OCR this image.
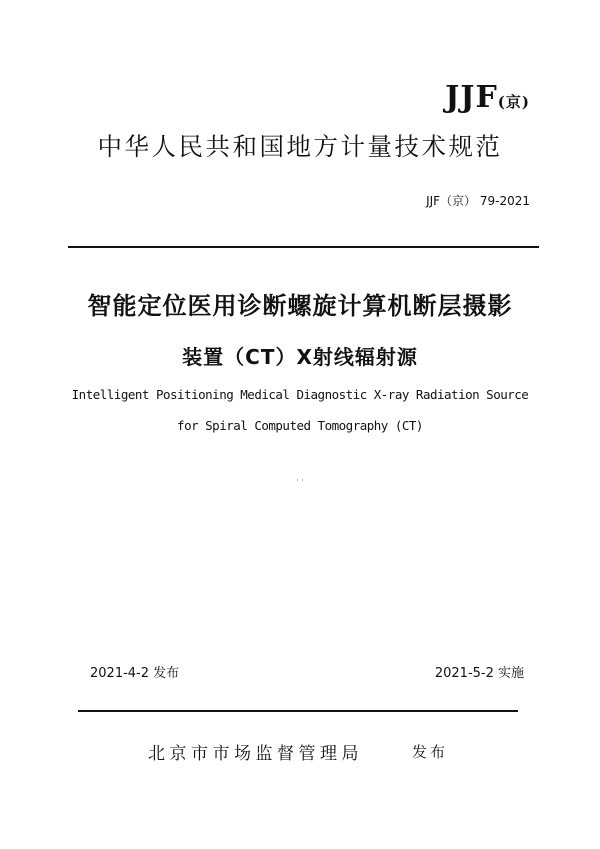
JJF(京)
中华人民共和国地方计量技术规范
JJF（京） 79-2021
智能定位医用诊断螺旋计算机断层摄影
装置（CT）X射线辐射源
Intelligent Positioning Medical Diagnostic X-ray Radiation Source
for Spiral Computed Tomography (CT)
· ·
2021-4-2 发布	2021-5-2 实施
北京市市场监督管理局	发布
